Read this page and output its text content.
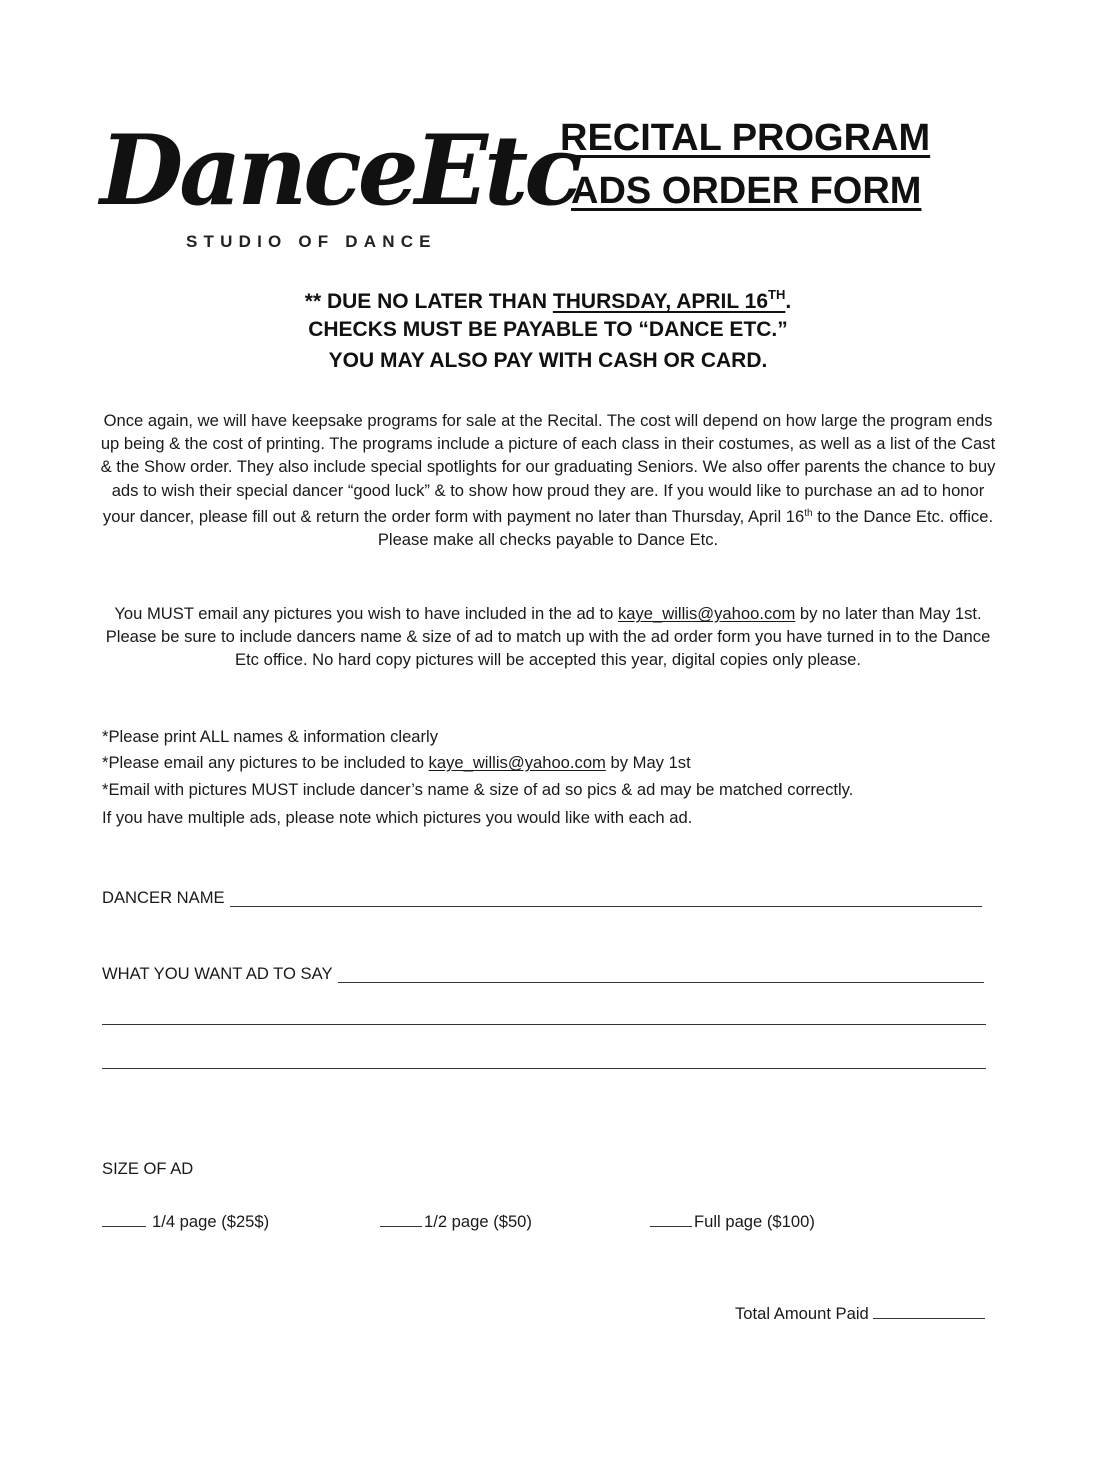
DanceEtc
STUDIO OF DANCE
RECITAL PROGRAM
ADS ORDER FORM
** DUE NO LATER THAN THURSDAY, APRIL 16TH.
CHECKS MUST BE PAYABLE TO “DANCE ETC.”
YOU MAY ALSO PAY WITH CASH OR CARD.
Once again, we will have keepsake programs for sale at the Recital. The cost will depend on how large the program ends up being & the cost of printing. The programs include a picture of each class in their costumes, as well as a list of the Cast & the Show order. They also include special spotlights for our graduating Seniors. We also offer parents the chance to buy ads to wish their special dancer “good luck” & to show how proud they are. If you would like to purchase an ad to honor your dancer, please fill out & return the order form with payment no later than Thursday, April 16th to the Dance Etc. office. Please make all checks payable to Dance Etc.
You MUST email any pictures you wish to have included in the ad to kaye_willis@yahoo.com by no later than May 1st. Please be sure to include dancers name & size of ad to match up with the ad order form you have turned in to the Dance Etc office. No hard copy pictures will be accepted this year, digital copies only please.
*Please print ALL names & information clearly
*Please email any pictures to be included to kaye_willis@yahoo.com by May 1st
*Email with pictures MUST include dancer’s name & size of ad so pics & ad may be matched correctly.
If you have multiple ads, please note which pictures you would like with each ad.
DANCER NAME
WHAT YOU WANT AD TO SAY
SIZE OF AD
1/4 page ($25$)	1/2 page ($50)	Full page ($100)
Total Amount Paid
